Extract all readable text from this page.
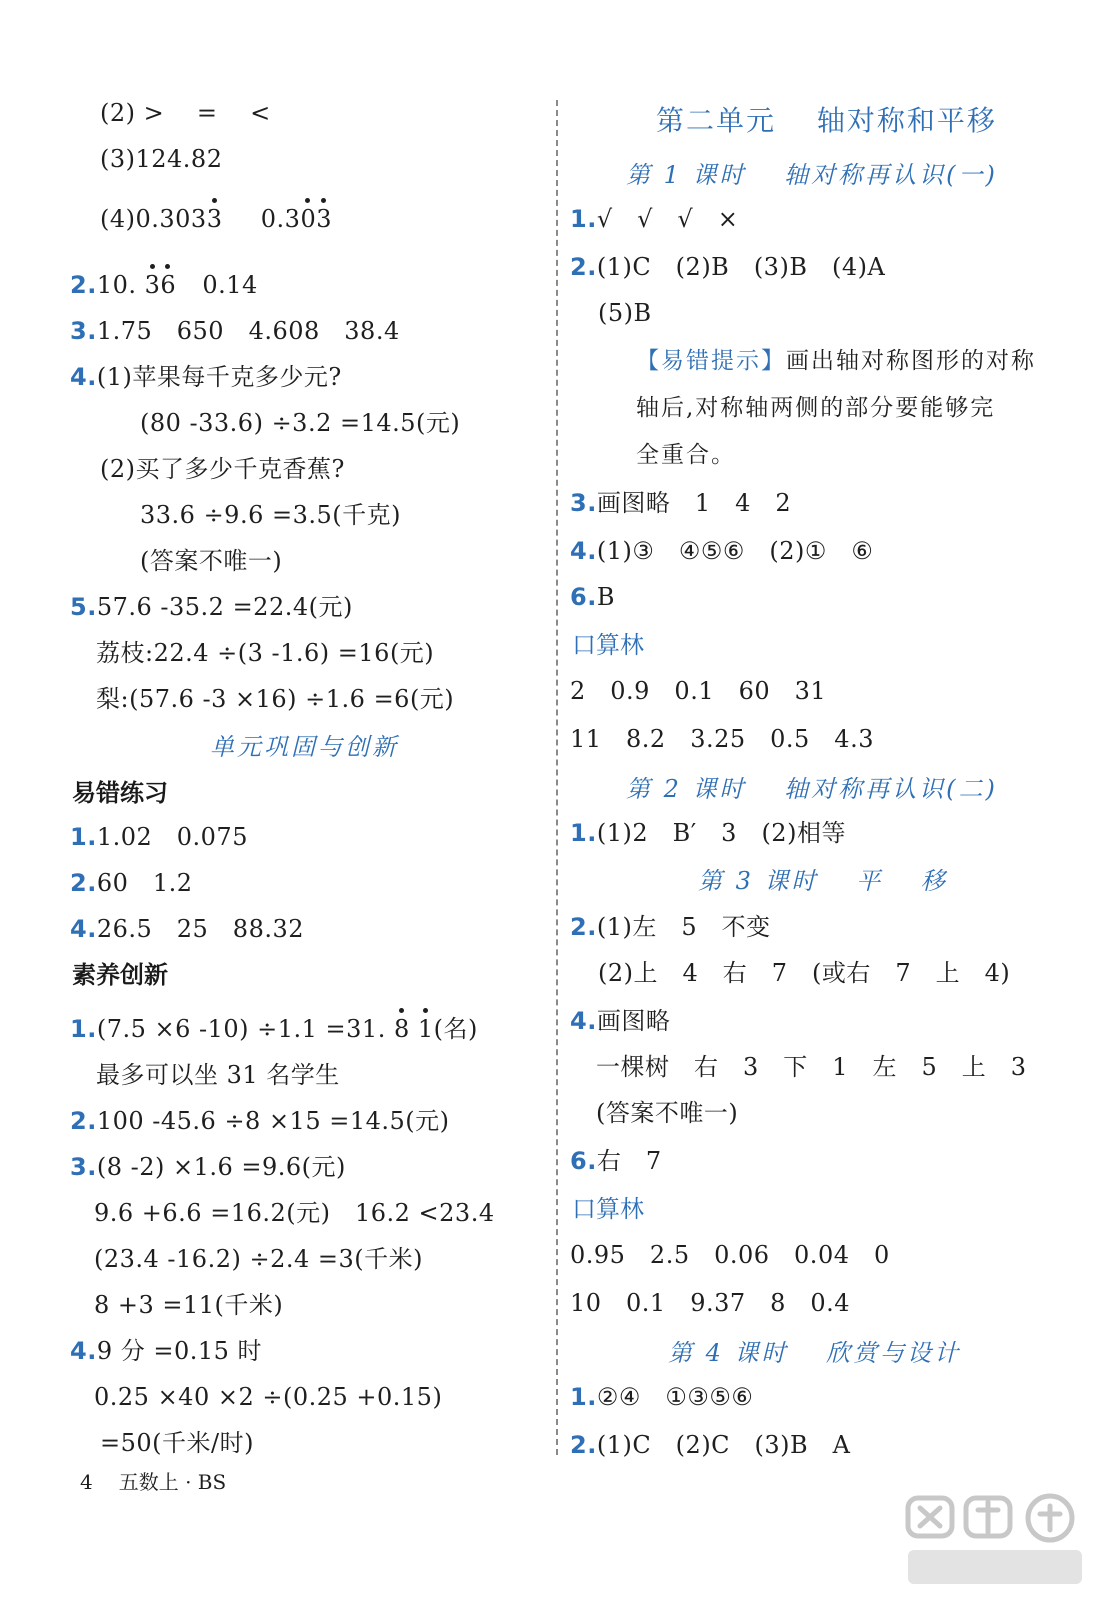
(2) >　 =　 <
(3)124.82
(4)0.303
3 0.3
0
3
2.10. 3
6 0.14
3.1.75　650　4.608　38.4
4.(1)苹果每千克多少元?
(80 -33.6) ÷3.2 =14.5(元)
(2)买了多少千克香蕉?
33.6 ÷9.6 =3.5(千克)
(答案不唯一)
5.57.6 -35.2 =22.4(元)
荔枝:22.4 ÷(3 -1.6) =16(元)
梨:(57.6 -3 ×16) ÷1.6 =6(元)
单元巩固与创新
易错练习
1.1.02　0.075
2.60　1.2
4.26.5　25　88.32
素养创新
1.(7.5 ×6 -10) ÷1.1 =31. 8 1(名)
最多可以坐 31 名学生
2.100 -45.6 ÷8 ×15 =14.5(元)
3.(8 -2) ×1.6 =9.6(元)
9.6 +6.6 =16.2(元)　16.2 <23.4
(23.4 -16.2) ÷2.4 =3(千米)
8 +3 =11(千米)
4.9 分 =0.15 时
0.25 ×40 ×2 ÷(0.25 +0.15)
=50(千米/时)
第二单元　 轴对称和平移
第 1 课时　 轴对称再认识(一)
1.√　√　√　×
2.(1)C　(2)B　(3)B　(4)A
(5)B
【易错提示】画出轴对称图形的对称
轴后,对称轴两侧的部分要能够完
全重合。
3.画图略　1　4　2
4.(1)③　④⑤⑥　(2)①　⑥
6.B
口算林
2　0.9　0.1　60　31
11　8.2　3.25　0.5　4.3
第 2 课时　 轴对称再认识(二)
1.(1)2　B′　3　(2)相等
第 3 课时　 平　 移
2.(1)左　5　不变
(2)上　4　右　7　(或右　7　上　4)
4.画图略
一棵树　右　3　下　1　左　5　上　3
(答案不唯一)
6.右　7
口算林
0.95　2.5　0.06　0.04　0
10　0.1　9.37　8　0.4
第 4 课时　 欣赏与设计
1.②④　①③⑤⑥
2.(1)C　(2)C　(3)B　A
4 五数上 · BS
